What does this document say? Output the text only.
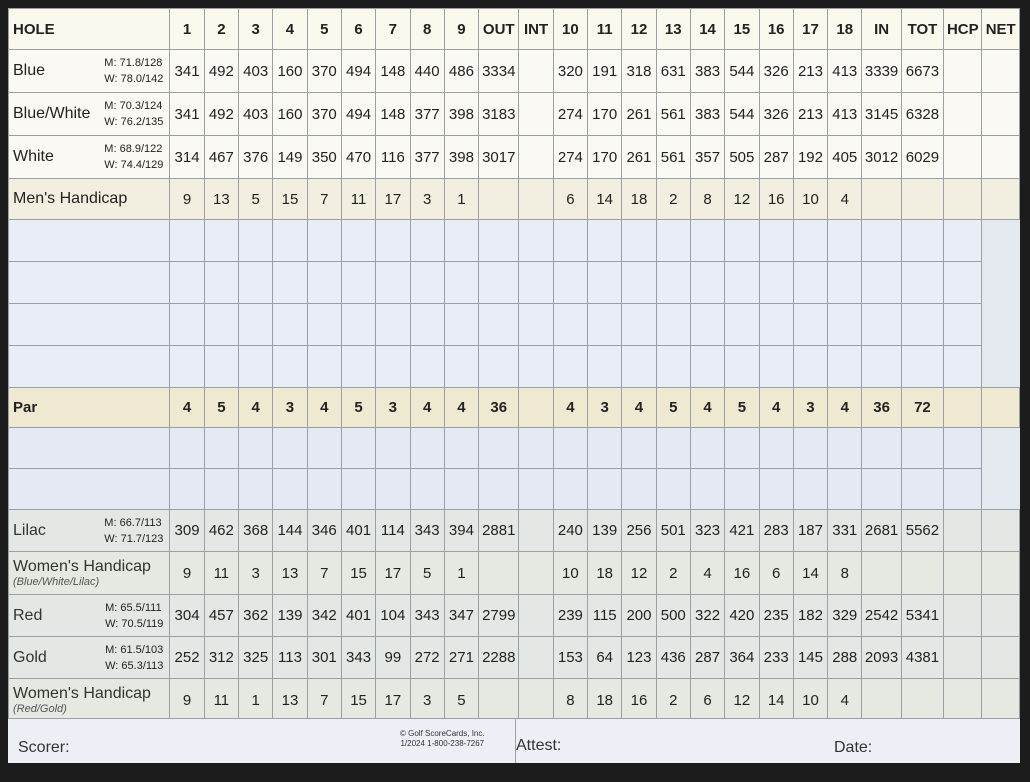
HOLE	1	2	3	4	5	6	7	8	9	OUT	INT	10	11	12	13	14	15	16	17	18	IN	TOT	HCP	NET

M: 71.8/128
W: 78.0/142
Blue	341	492	403	160	370	494	148	440	486	3334		320	191	318	631	383	544	326	213	413	3339	6673		

M: 70.3/124
W: 76.2/135
Blue/White	341	492	403	160	370	494	148	377	398	3183		274	170	261	561	383	544	326	213	413	3145	6328		

M: 68.9/122
W: 74.4/129
White	314	467	376	149	350	470	116	377	398	3017		274	170	261	561	357	505	287	192	405	3012	6029		
Men's Handicap	9	13	5	15	7	11	17	3	1			6	14	18	2	8	12	16	10	4				

Par	4	5	4	3	4	5	3	4	4	36		4	3	4	5	4	5	4	3	4	36	72		

M: 66.7/113
W: 71.7/123
Lilac	309	462	368	144	346	401	114	343	394	2881		240	139	256	501	323	421	283	187	331	2681	5562		
Women's Handicap
(Blue/White/Lilac)	9	11	3	13	7	15	17	5	1			10	18	12	2	4	16	6	14	8				

M: 65.5/111
W: 70.5/119
Red	304	457	362	139	342	401	104	343	347	2799		239	115	200	500	322	420	235	182	329	2542	5341		

M: 61.5/103
W: 65.3/113
Gold	252	312	325	113	301	343	99	272	271	2288		153	64	123	436	287	364	233	145	288	2093	4381		
Women's Handicap
(Red/Gold)	9	11	1	13	7	15	17	3	5			8	18	16	2	6	12	14	10	4				
Scorer:
© Golf ScoreCards, Inc.
1/2024 1-800-238-7267 Attest:	Date:
